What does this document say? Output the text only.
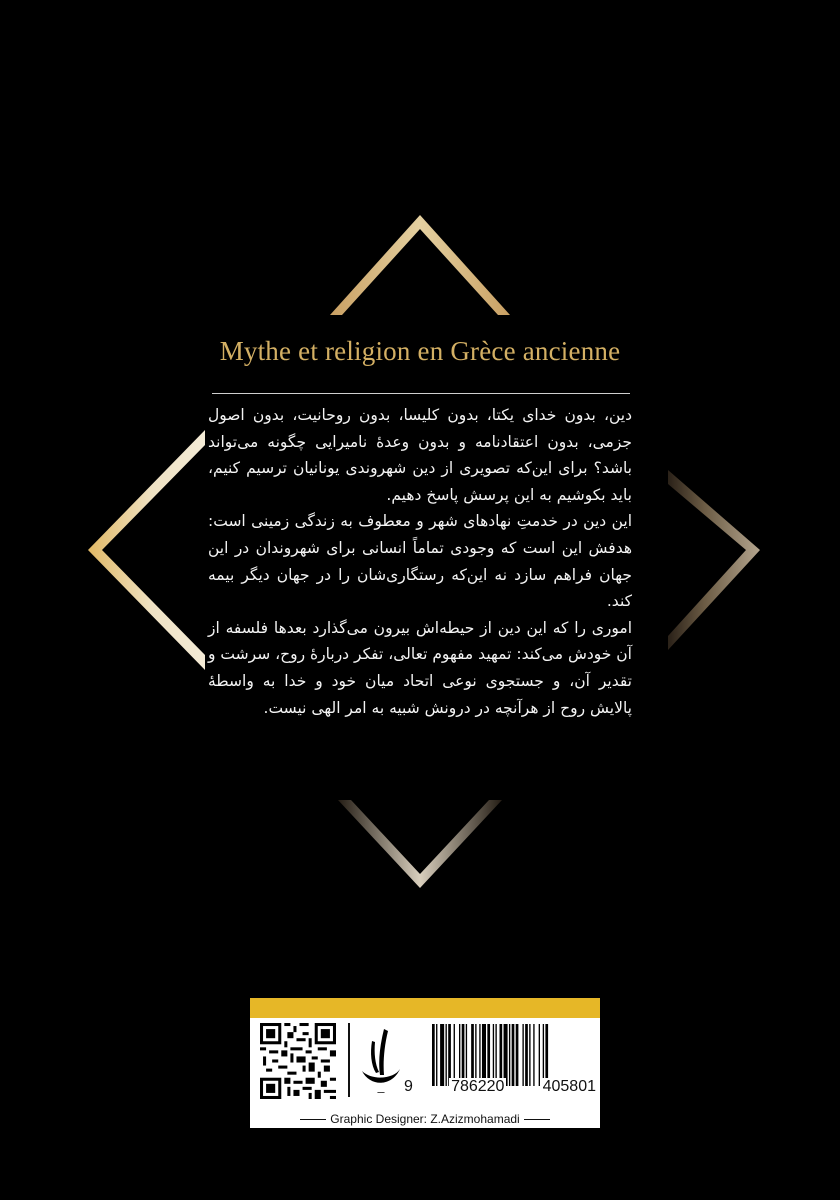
Mythe et religion en Grèce ancienne

دین، بدون خدای یکتا، بدون کلیسا، بدون روحانیت، بدون اصول جزمی، بدون اعتقادنامه و بدون وعدهٔ نامیرایی چگونه می‌تواند باشد؟ برای این‌که تصویری از دین شهروندی یونانیان ترسیم کنیم، باید بکوشیم به این پرسش پاسخ دهیم.

این دین در خدمتِ نهادهای شهر و معطوف به زندگی زمینی است: هدفش این است که وجودی تماماً انسانی برای شهروندان در این جهان فراهم سازد نه این‌که رستگاری‌شان را در جهان دیگر بیمه کند.

اموری را که این دین از حیطه‌اش بیرون می‌گذارد بعدها فلسفه از آن خودش می‌کند: تمهید مفهوم تعالی، تفکر دربارهٔ روح، سرشت و تقدیر آن، و جستجوی نوعی اتحاد میان خود و خدا به واسطهٔ پالایش روح از هرآنچه در درونش شبیه به امر الهی نیست.

ـــ 9 786220 405801
Graphic Designer: Z.Azizmohamadi
